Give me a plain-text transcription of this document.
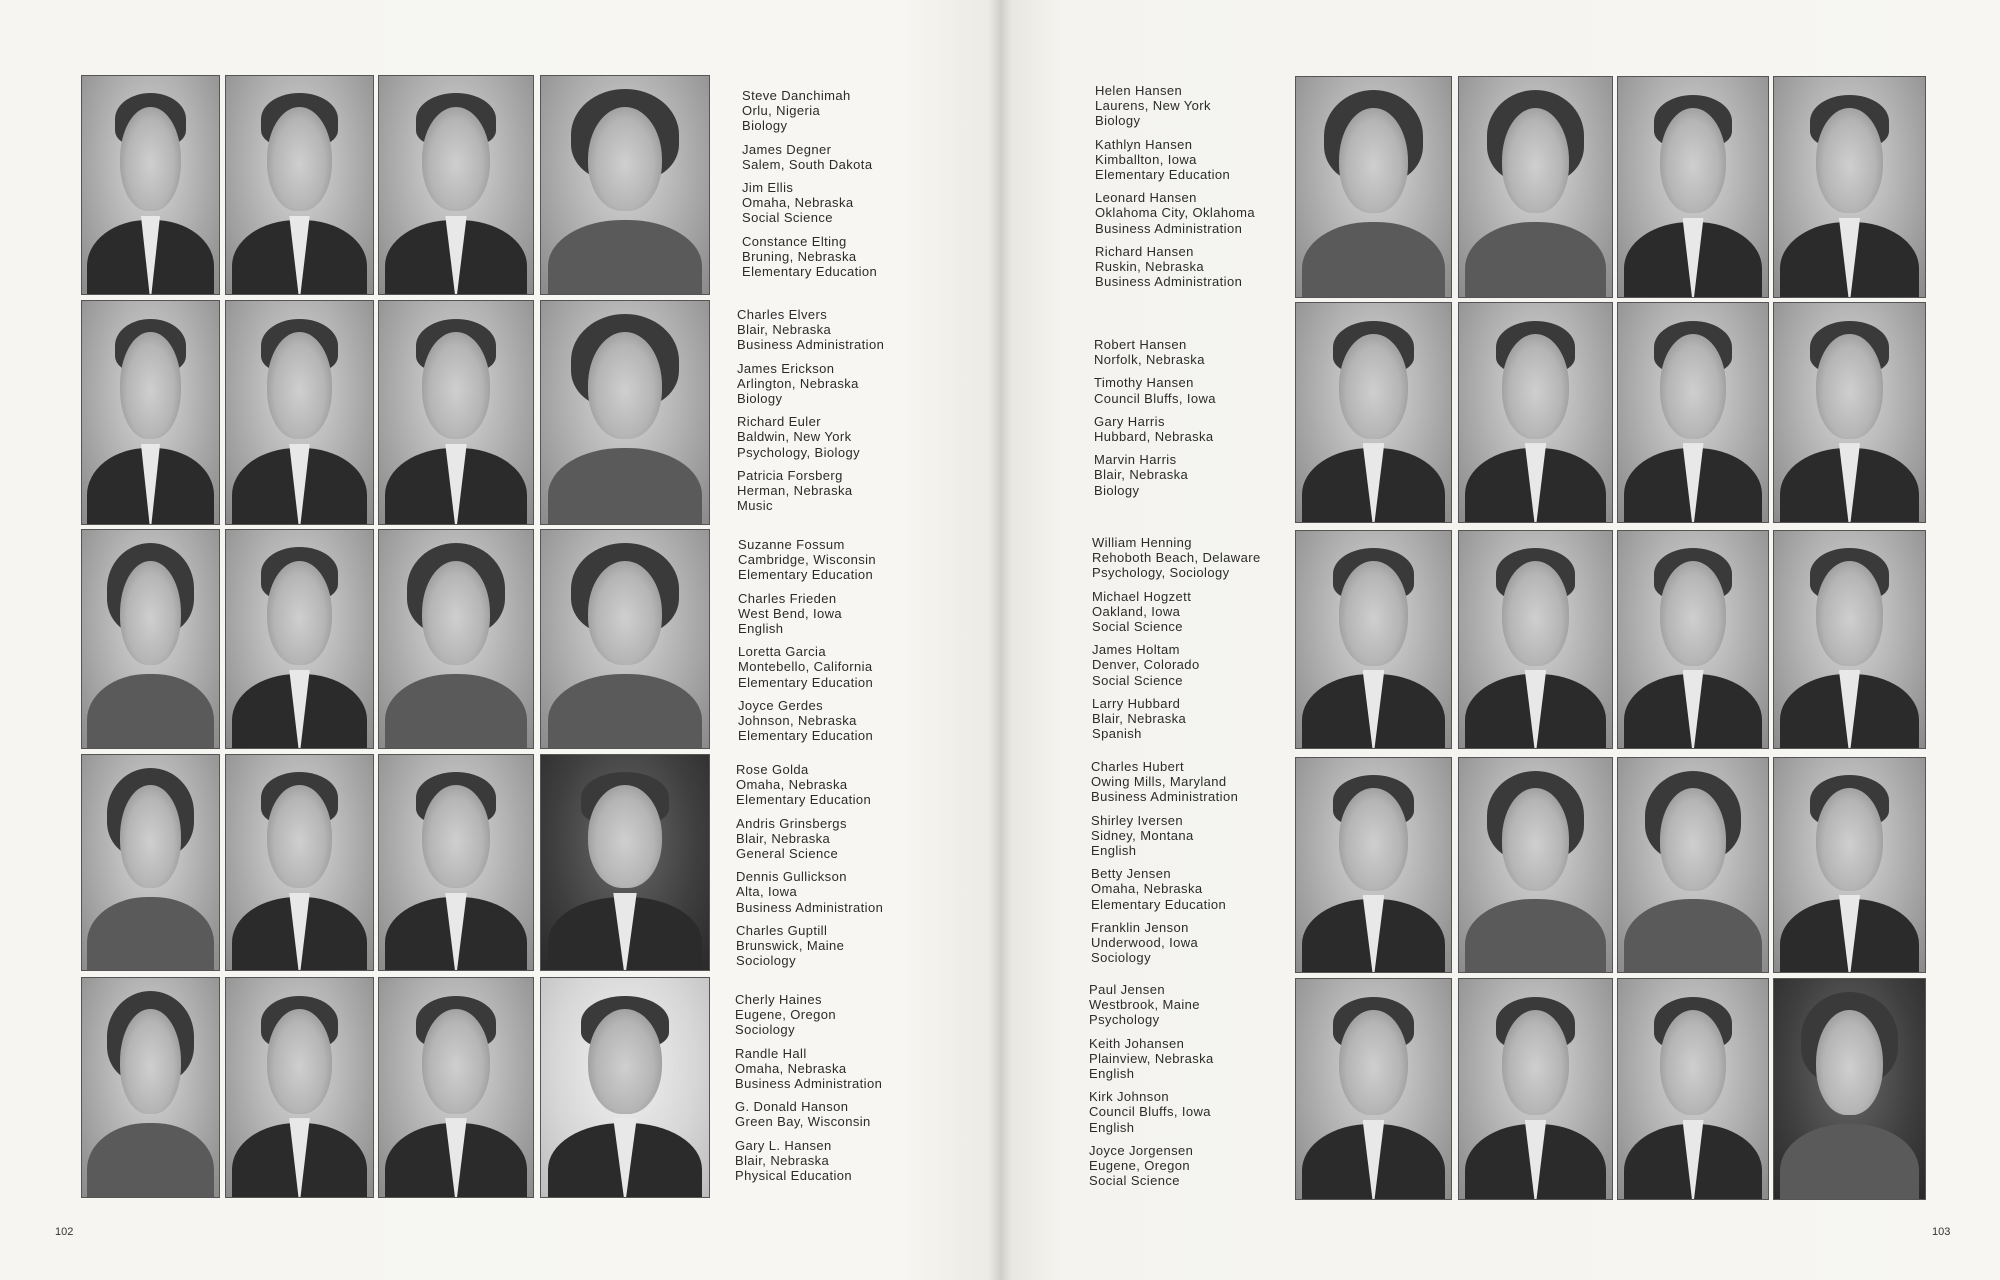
Steve Danchimah
Orlu, Nigeria
Biology
James Degner
Salem, South Dakota
Jim Ellis
Omaha, Nebraska
Social Science
Constance Elting
Bruning, Nebraska
Elementary Education
Charles Elvers
Blair, Nebraska
Business Administration
James Erickson
Arlington, Nebraska
Biology
Richard Euler
Baldwin, New York
Psychology, Biology
Patricia Forsberg
Herman, Nebraska
Music
Suzanne Fossum
Cambridge, Wisconsin
Elementary Education
Charles Frieden
West Bend, Iowa
English
Loretta Garcia
Montebello, California
Elementary Education
Joyce Gerdes
Johnson, Nebraska
Elementary Education
Rose Golda
Omaha, Nebraska
Elementary Education
Andris Grinsbergs
Blair, Nebraska
General Science
Dennis Gullickson
Alta, Iowa
Business Administration
Charles Guptill
Brunswick, Maine
Sociology
Cherly Haines
Eugene, Oregon
Sociology
Randle Hall
Omaha, Nebraska
Business Administration
G. Donald Hanson
Green Bay, Wisconsin
Gary L. Hansen
Blair, Nebraska
Physical Education
Helen Hansen
Laurens, New York
Biology
Kathlyn Hansen
Kimballton, Iowa
Elementary Education
Leonard Hansen
Oklahoma City, Oklahoma
Business Administration
Richard Hansen
Ruskin, Nebraska
Business Administration
Robert Hansen
Norfolk, Nebraska
Timothy Hansen
Council Bluffs, Iowa
Gary Harris
Hubbard, Nebraska
Marvin Harris
Blair, Nebraska
Biology
William Henning
Rehoboth Beach, Delaware
Psychology, Sociology
Michael Hogzett
Oakland, Iowa
Social Science
James Holtam
Denver, Colorado
Social Science
Larry Hubbard
Blair, Nebraska
Spanish
Charles Hubert
Owing Mills, Maryland
Business Administration
Shirley Iversen
Sidney, Montana
English
Betty Jensen
Omaha, Nebraska
Elementary Education
Franklin Jenson
Underwood, Iowa
Sociology
Paul Jensen
Westbrook, Maine
Psychology
Keith Johansen
Plainview, Nebraska
English
Kirk Johnson
Council Bluffs, Iowa
English
Joyce Jorgensen
Eugene, Oregon
Social Science
102	103
